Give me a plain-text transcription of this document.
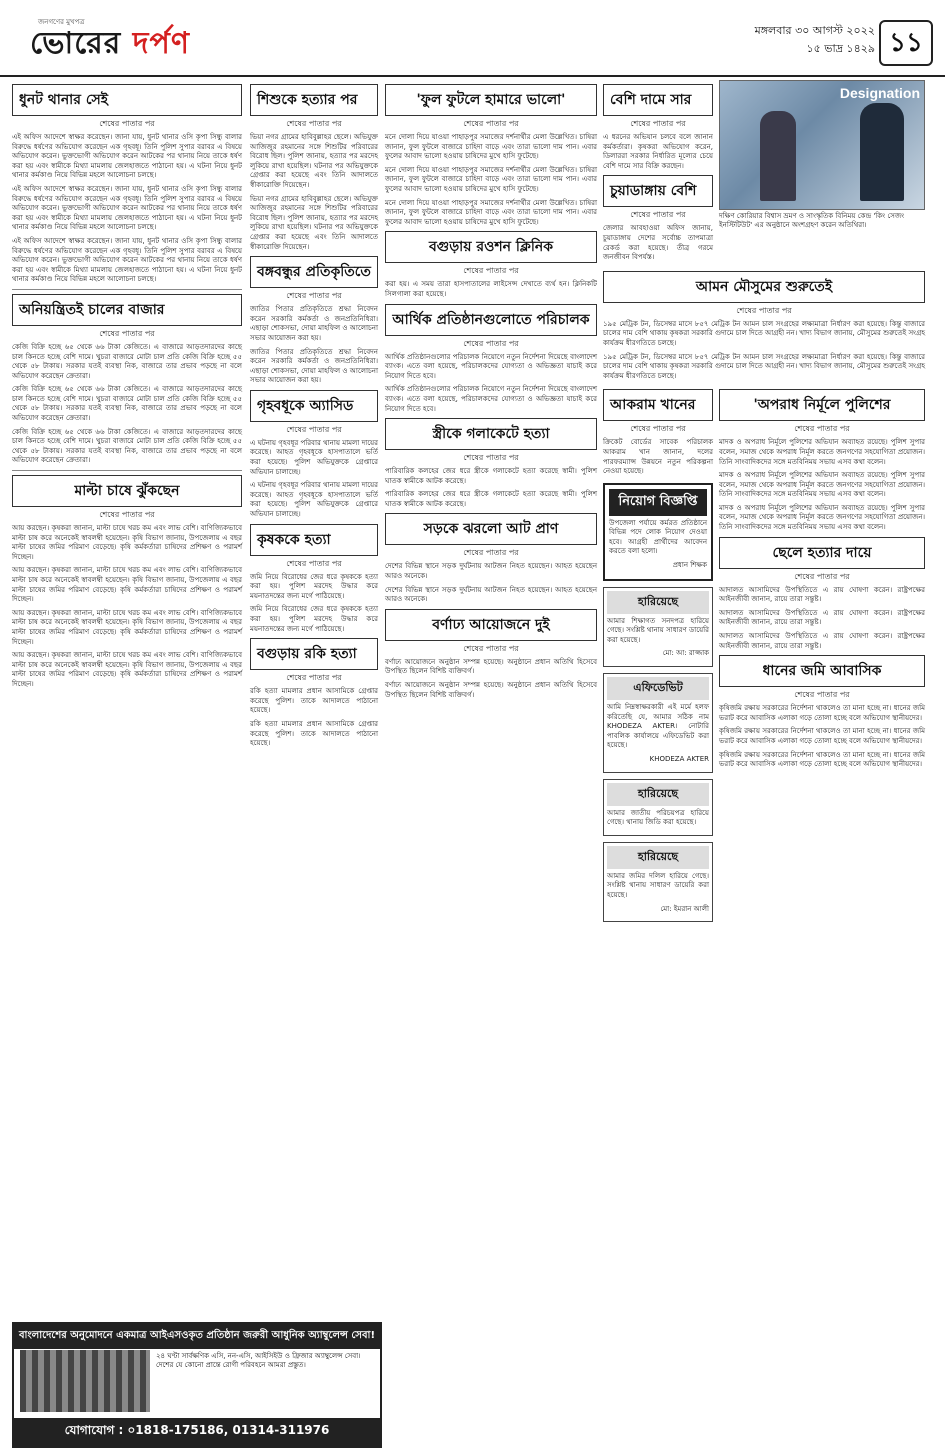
জনগণের মুখপত্র
ভোরের দর্পণ	মঙ্গলবার ৩০ আগস্ট ২০২২
১৫ ভাদ্র ১৪২৯ ১১
ধুনট থানার সেই
শেষের পাতার পর

এই অফিস আদেশে স্বাক্ষর করেছেন। জানা যায়, ধুনট থানার ওসি কৃপা সিন্ধু বালার বিরুদ্ধে ধর্ষণের অভিযোগ করেছেন এক গৃহবধূ। তিনি পুলিশ সুপার বরাবর এ বিষয়ে অভিযোগ করেন। ভুক্তভোগী অভিযোগ করেন আটকের পর থানায় নিয়ে তাকে ধর্ষণ করা হয় এবং স্বামীকে মিথ্যা মামলায় জেলহাজতে পাঠানো হয়। এ ঘটনা নিয়ে ধুনট থানার কর্মকাণ্ড নিয়ে বিভিন্ন মহলে আলোচনা চলছে।

এই অফিস আদেশে স্বাক্ষর করেছেন। জানা যায়, ধুনট থানার ওসি কৃপা সিন্ধু বালার বিরুদ্ধে ধর্ষণের অভিযোগ করেছেন এক গৃহবধূ। তিনি পুলিশ সুপার বরাবর এ বিষয়ে অভিযোগ করেন। ভুক্তভোগী অভিযোগ করেন আটকের পর থানায় নিয়ে তাকে ধর্ষণ করা হয় এবং স্বামীকে মিথ্যা মামলায় জেলহাজতে পাঠানো হয়। এ ঘটনা নিয়ে ধুনট থানার কর্মকাণ্ড নিয়ে বিভিন্ন মহলে আলোচনা চলছে।

এই অফিস আদেশে স্বাক্ষর করেছেন। জানা যায়, ধুনট থানার ওসি কৃপা সিন্ধু বালার বিরুদ্ধে ধর্ষণের অভিযোগ করেছেন এক গৃহবধূ। তিনি পুলিশ সুপার বরাবর এ বিষয়ে অভিযোগ করেন। ভুক্তভোগী অভিযোগ করেন আটকের পর থানায় নিয়ে তাকে ধর্ষণ করা হয় এবং স্বামীকে মিথ্যা মামলায় জেলহাজতে পাঠানো হয়। এ ঘটনা নিয়ে ধুনট থানার কর্মকাণ্ড নিয়ে বিভিন্ন মহলে আলোচনা চলছে।

অনিয়ন্ত্রিতই চালের বাজার
শেষের পাতার পর

কেজি বিক্রি হচ্ছে ৬৫ থেকে ৬৬ টাকা কেজিতে। এ বাজারে আড়তদারদের কাছে চাল কিনতে হচ্ছে বেশি দামে। খুচরা বাজারে মোটা চাল প্রতি কেজি বিক্রি হচ্ছে ৫৫ থেকে ৫৮ টাকায়। সরকার যতই ব্যবস্থা নিক, বাজারে তার প্রভাব পড়ছে না বলে অভিযোগ করেছেন ক্রেতারা।

কেজি বিক্রি হচ্ছে ৬৫ থেকে ৬৬ টাকা কেজিতে। এ বাজারে আড়তদারদের কাছে চাল কিনতে হচ্ছে বেশি দামে। খুচরা বাজারে মোটা চাল প্রতি কেজি বিক্রি হচ্ছে ৫৫ থেকে ৫৮ টাকায়। সরকার যতই ব্যবস্থা নিক, বাজারে তার প্রভাব পড়ছে না বলে অভিযোগ করেছেন ক্রেতারা।

কেজি বিক্রি হচ্ছে ৬৫ থেকে ৬৬ টাকা কেজিতে। এ বাজারে আড়তদারদের কাছে চাল কিনতে হচ্ছে বেশি দামে। খুচরা বাজারে মোটা চাল প্রতি কেজি বিক্রি হচ্ছে ৫৫ থেকে ৫৮ টাকায়। সরকার যতই ব্যবস্থা নিক, বাজারে তার প্রভাব পড়ছে না বলে অভিযোগ করেছেন ক্রেতারা।

মাল্টা চাষে ঝুঁকছেন
শেষের পাতার পর

আয় করছেন। কৃষকরা জানান, মাল্টা চাষে খরচ কম এবং লাভ বেশি। বাণিজ্যিকভাবে মাল্টা চাষ করে অনেকেই স্বাবলম্বী হয়েছেন। কৃষি বিভাগ জানায়, উপজেলায় এ বছর মাল্টা চাষের জমির পরিমাণ বেড়েছে। কৃষি কর্মকর্তারা চাষিদের প্রশিক্ষণ ও পরামর্শ দিচ্ছেন।

আয় করছেন। কৃষকরা জানান, মাল্টা চাষে খরচ কম এবং লাভ বেশি। বাণিজ্যিকভাবে মাল্টা চাষ করে অনেকেই স্বাবলম্বী হয়েছেন। কৃষি বিভাগ জানায়, উপজেলায় এ বছর মাল্টা চাষের জমির পরিমাণ বেড়েছে। কৃষি কর্মকর্তারা চাষিদের প্রশিক্ষণ ও পরামর্শ দিচ্ছেন।

আয় করছেন। কৃষকরা জানান, মাল্টা চাষে খরচ কম এবং লাভ বেশি। বাণিজ্যিকভাবে মাল্টা চাষ করে অনেকেই স্বাবলম্বী হয়েছেন। কৃষি বিভাগ জানায়, উপজেলায় এ বছর মাল্টা চাষের জমির পরিমাণ বেড়েছে। কৃষি কর্মকর্তারা চাষিদের প্রশিক্ষণ ও পরামর্শ দিচ্ছেন।

আয় করছেন। কৃষকরা জানান, মাল্টা চাষে খরচ কম এবং লাভ বেশি। বাণিজ্যিকভাবে মাল্টা চাষ করে অনেকেই স্বাবলম্বী হয়েছেন। কৃষি বিভাগ জানায়, উপজেলায় এ বছর মাল্টা চাষের জমির পরিমাণ বেড়েছে। কৃষি কর্মকর্তারা চাষিদের প্রশিক্ষণ ও পরামর্শ দিচ্ছেন।

শিশুকে হত্যার পর
শেষের পাতার পর

ভিয়া নগর গ্রামের হাবিবুল্লাহর ছেলে। অভিযুক্ত আজিজুর রহমানের সঙ্গে শিশুটির পরিবারের বিরোধ ছিল। পুলিশ জানায়, হত্যার পর মরদেহ লুকিয়ে রাখা হয়েছিল। ঘটনার পর অভিযুক্তকে গ্রেপ্তার করা হয়েছে এবং তিনি আদালতে স্বীকারোক্তি দিয়েছেন।

ভিয়া নগর গ্রামের হাবিবুল্লাহর ছেলে। অভিযুক্ত আজিজুর রহমানের সঙ্গে শিশুটির পরিবারের বিরোধ ছিল। পুলিশ জানায়, হত্যার পর মরদেহ লুকিয়ে রাখা হয়েছিল। ঘটনার পর অভিযুক্তকে গ্রেপ্তার করা হয়েছে এবং তিনি আদালতে স্বীকারোক্তি দিয়েছেন।

বঙ্গবন্ধুর প্রতিকৃতিতে
শেষের পাতার পর

জাতির পিতার প্রতিকৃতিতে শ্রদ্ধা নিবেদন করেন সরকারি কর্মকর্তা ও জনপ্রতিনিধিরা। এছাড়া শোকসভা, দোয়া মাহফিল ও আলোচনা সভার আয়োজন করা হয়।

জাতির পিতার প্রতিকৃতিতে শ্রদ্ধা নিবেদন করেন সরকারি কর্মকর্তা ও জনপ্রতিনিধিরা। এছাড়া শোকসভা, দোয়া মাহফিল ও আলোচনা সভার আয়োজন করা হয়।

গৃহবধূকে অ্যাসিড
শেষের পাতার পর

এ ঘটনায় গৃহবধূর পরিবার থানায় মামলা দায়ের করেছে। আহত গৃহবধূকে হাসপাতালে ভর্তি করা হয়েছে। পুলিশ অভিযুক্তকে গ্রেপ্তারে অভিযান চালাচ্ছে।

এ ঘটনায় গৃহবধূর পরিবার থানায় মামলা দায়ের করেছে। আহত গৃহবধূকে হাসপাতালে ভর্তি করা হয়েছে। পুলিশ অভিযুক্তকে গ্রেপ্তারে অভিযান চালাচ্ছে।

কৃষককে হত্যা
শেষের পাতার পর

জমি নিয়ে বিরোধের জের ধরে কৃষককে হত্যা করা হয়। পুলিশ মরদেহ উদ্ধার করে ময়নাতদন্তের জন্য মর্গে পাঠিয়েছে।

জমি নিয়ে বিরোধের জের ধরে কৃষককে হত্যা করা হয়। পুলিশ মরদেহ উদ্ধার করে ময়নাতদন্তের জন্য মর্গে পাঠিয়েছে।

বগুড়ায় রকি হত্যা
শেষের পাতার পর

রকি হত্যা মামলার প্রধান আসামিকে গ্রেপ্তার করেছে পুলিশ। তাকে আদালতে পাঠানো হয়েছে।

রকি হত্যা মামলার প্রধান আসামিকে গ্রেপ্তার করেছে পুলিশ। তাকে আদালতে পাঠানো হয়েছে।

'ফুল ফুটলে হামারে ভালো'
শেষের পাতার পর

মনে দোলা দিয়ে যাওয়া পাহাড়পুর সমাজের দর্শনার্থীর মেলা উল্লেখিত। চাষিরা জানান, ফুল ফুটলে বাজারে চাহিদা বাড়ে এবং তারা ভালো দাম পান। এবার ফুলের আবাদ ভালো হওয়ায় চাষিদের মুখে হাসি ফুটেছে।

মনে দোলা দিয়ে যাওয়া পাহাড়পুর সমাজের দর্শনার্থীর মেলা উল্লেখিত। চাষিরা জানান, ফুল ফুটলে বাজারে চাহিদা বাড়ে এবং তারা ভালো দাম পান। এবার ফুলের আবাদ ভালো হওয়ায় চাষিদের মুখে হাসি ফুটেছে।

মনে দোলা দিয়ে যাওয়া পাহাড়পুর সমাজের দর্শনার্থীর মেলা উল্লেখিত। চাষিরা জানান, ফুল ফুটলে বাজারে চাহিদা বাড়ে এবং তারা ভালো দাম পান। এবার ফুলের আবাদ ভালো হওয়ায় চাষিদের মুখে হাসি ফুটেছে।

বগুড়ায় রওশন ক্লিনিক
শেষের পাতার পর

করা হয়। এ সময় তারা হাসপাতালের লাইসেন্স দেখাতে ব্যর্থ হন। ক্লিনিকটি সিলগালা করা হয়েছে।

আর্থিক প্রতিষ্ঠানগুলোতে পরিচালক
শেষের পাতার পর

আর্থিক প্রতিষ্ঠানগুলোর পরিচালক নিয়োগে নতুন নির্দেশনা দিয়েছে বাংলাদেশ ব্যাংক। এতে বলা হয়েছে, পরিচালকদের যোগ্যতা ও অভিজ্ঞতা যাচাই করে নিয়োগ দিতে হবে।

আর্থিক প্রতিষ্ঠানগুলোর পরিচালক নিয়োগে নতুন নির্দেশনা দিয়েছে বাংলাদেশ ব্যাংক। এতে বলা হয়েছে, পরিচালকদের যোগ্যতা ও অভিজ্ঞতা যাচাই করে নিয়োগ দিতে হবে।

স্ত্রীকে গলাকেটে হত্যা
শেষের পাতার পর

পারিবারিক কলহের জের ধরে স্ত্রীকে গলাকেটে হত্যা করেছে স্বামী। পুলিশ ঘাতক স্বামীকে আটক করেছে।

পারিবারিক কলহের জের ধরে স্ত্রীকে গলাকেটে হত্যা করেছে স্বামী। পুলিশ ঘাতক স্বামীকে আটক করেছে।

সড়কে ঝরলো আট প্রাণ
শেষের পাতার পর

দেশের বিভিন্ন স্থানে সড়ক দুর্ঘটনায় আটজন নিহত হয়েছেন। আহত হয়েছেন আরও অনেকে।

দেশের বিভিন্ন স্থানে সড়ক দুর্ঘটনায় আটজন নিহত হয়েছেন। আহত হয়েছেন আরও অনেকে।

বর্ণাঢ্য আয়োজনে দুই
শেষের পাতার পর

বর্ণাঢ্য আয়োজনে অনুষ্ঠান সম্পন্ন হয়েছে। অনুষ্ঠানে প্রধান অতিথি হিসেবে উপস্থিত ছিলেন বিশিষ্ট ব্যক্তিবর্গ।

বর্ণাঢ্য আয়োজনে অনুষ্ঠান সম্পন্ন হয়েছে। অনুষ্ঠানে প্রধান অতিথি হিসেবে উপস্থিত ছিলেন বিশিষ্ট ব্যক্তিবর্গ।

বেশি দামে সার
শেষের পাতার পর

এ ধরনের অভিযান চলবে বলে জানান কর্মকর্তারা। কৃষকরা অভিযোগ করেন, ডিলাররা সরকার নির্ধারিত মূল্যের চেয়ে বেশি দামে সার বিক্রি করছেন।

চুয়াডাঙ্গায় বেশি
শেষের পাতার পর

জেলার আবহাওয়া অফিস জানায়, চুয়াডাঙ্গায় দেশের সর্বোচ্চ তাপমাত্রা রেকর্ড করা হয়েছে। তীব্র গরমে জনজীবন বিপর্যস্ত।

Designation
দক্ষিণ কোরিয়ার বিশ্বাস ভ্রমণ ও সাংস্কৃতিক বিনিময় কেন্দ্র 'কিং সেজং ইনস্টিটিউট' এর অনুষ্ঠানে অংশগ্রহণ করেন অতিথিরা।
আমন মৌসুমের শুরুতেই
শেষের পাতার পর

১৯৫ মেট্রিক টন, ডিসেম্বর মাসে ৮৫৭ মেট্রিক টন আমন চাল সংগ্রহের লক্ষ্যমাত্রা নির্ধারণ করা হয়েছে। কিন্তু বাজারে চালের দাম বেশি থাকায় কৃষকরা সরকারি গুদামে চাল দিতে আগ্রহী নন। খাদ্য বিভাগ জানায়, মৌসুমের শুরুতেই সংগ্রহ কার্যক্রম ধীরগতিতে চলছে।

১৯৫ মেট্রিক টন, ডিসেম্বর মাসে ৮৫৭ মেট্রিক টন আমন চাল সংগ্রহের লক্ষ্যমাত্রা নির্ধারণ করা হয়েছে। কিন্তু বাজারে চালের দাম বেশি থাকায় কৃষকরা সরকারি গুদামে চাল দিতে আগ্রহী নন। খাদ্য বিভাগ জানায়, মৌসুমের শুরুতেই সংগ্রহ কার্যক্রম ধীরগতিতে চলছে।

আকরাম খানের
শেষের পাতার পর

ক্রিকেট বোর্ডের সাবেক পরিচালক আকরাম খান জানান, দলের পারফরম্যান্স উন্নয়নে নতুন পরিকল্পনা নেওয়া হয়েছে।

নিয়োগ বিজ্ঞপ্তি

উপজেলা পর্যায়ে কর্মরত প্রতিষ্ঠানে বিভিন্ন পদে লোক নিয়োগ দেওয়া হবে। আগ্রহী প্রার্থীদের আবেদন করতে বলা হলো।

প্রধান শিক্ষক
হারিয়েছে

আমার শিক্ষাগত সনদপত্র হারিয়ে গেছে। সংশ্লিষ্ট থানায় সাধারণ ডায়েরি করা হয়েছে।

মো: আ: রাজ্জাক
এফিডেভিট

আমি নিম্নস্বাক্ষরকারী এই মর্মে হলফ করিতেছি যে, আমার সঠিক নাম KHODEZA AKTER। নোটারি পাবলিক কার্যালয়ে এফিডেভিট করা হয়েছে।

KHODEZA AKTER
হারিয়েছে

আমার জাতীয় পরিচয়পত্র হারিয়ে গেছে। থানায় জিডি করা হয়েছে।

হারিয়েছে

আমার জমির দলিল হারিয়ে গেছে। সংশ্লিষ্ট থানায় সাধারণ ডায়েরি করা হয়েছে।

মো: ইমরান আলী
'অপরাধ নির্মূলে পুলিশের
শেষের পাতার পর

মাদক ও অপরাধ নির্মূলে পুলিশের অভিযান অব্যাহত রয়েছে। পুলিশ সুপার বলেন, সমাজ থেকে অপরাধ নির্মূল করতে জনগণের সহযোগিতা প্রয়োজন। তিনি সাংবাদিকদের সঙ্গে মতবিনিময় সভায় এসব কথা বলেন।

মাদক ও অপরাধ নির্মূলে পুলিশের অভিযান অব্যাহত রয়েছে। পুলিশ সুপার বলেন, সমাজ থেকে অপরাধ নির্মূল করতে জনগণের সহযোগিতা প্রয়োজন। তিনি সাংবাদিকদের সঙ্গে মতবিনিময় সভায় এসব কথা বলেন।

মাদক ও অপরাধ নির্মূলে পুলিশের অভিযান অব্যাহত রয়েছে। পুলিশ সুপার বলেন, সমাজ থেকে অপরাধ নির্মূল করতে জনগণের সহযোগিতা প্রয়োজন। তিনি সাংবাদিকদের সঙ্গে মতবিনিময় সভায় এসব কথা বলেন।

ছেলে হত্যার দায়ে
শেষের পাতার পর

আদালত আসামিদের উপস্থিতিতে এ রায় ঘোষণা করেন। রাষ্ট্রপক্ষের আইনজীবী জানান, রায়ে তারা সন্তুষ্ট।

আদালত আসামিদের উপস্থিতিতে এ রায় ঘোষণা করেন। রাষ্ট্রপক্ষের আইনজীবী জানান, রায়ে তারা সন্তুষ্ট।

আদালত আসামিদের উপস্থিতিতে এ রায় ঘোষণা করেন। রাষ্ট্রপক্ষের আইনজীবী জানান, রায়ে তারা সন্তুষ্ট।

ধানের জমি আবাসিক
শেষের পাতার পর

কৃষিজমি রক্ষায় সরকারের নির্দেশনা থাকলেও তা মানা হচ্ছে না। ধানের জমি ভরাট করে আবাসিক এলাকা গড়ে তোলা হচ্ছে বলে অভিযোগ স্থানীয়দের।

কৃষিজমি রক্ষায় সরকারের নির্দেশনা থাকলেও তা মানা হচ্ছে না। ধানের জমি ভরাট করে আবাসিক এলাকা গড়ে তোলা হচ্ছে বলে অভিযোগ স্থানীয়দের।

কৃষিজমি রক্ষায় সরকারের নির্দেশনা থাকলেও তা মানা হচ্ছে না। ধানের জমি ভরাট করে আবাসিক এলাকা গড়ে তোলা হচ্ছে বলে অভিযোগ স্থানীয়দের।

বাংলাদেশের অনুমোদনে একমাত্র আইএসওকৃত প্রতিষ্ঠান জরুরী আধুনিক অ্যাম্বুলেন্স সেবা!
২৪ ঘণ্টা সার্বক্ষণিক এসি, নন-এসি, আইসিইউ ও ফ্রিজার অ্যাম্বুলেন্স সেবা। দেশের যে কোনো প্রান্তে রোগী পরিবহনে আমরা প্রস্তুত।
যোগাযোগ : ০1818-175186, 01314-311976
